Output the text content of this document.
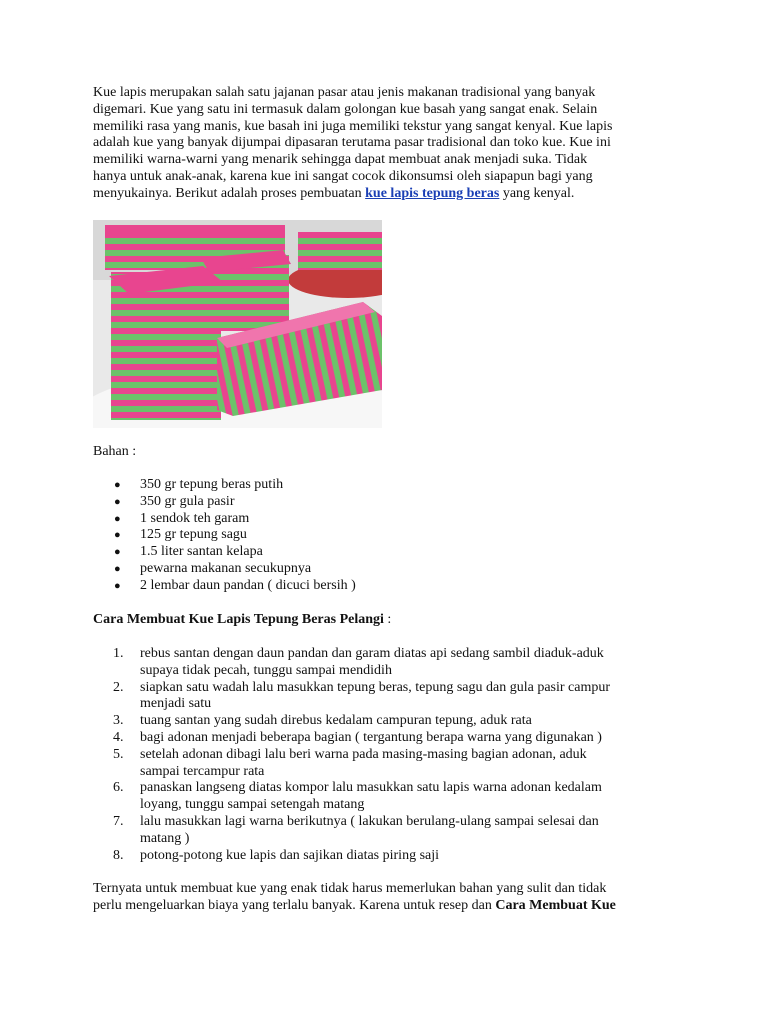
Kue lapis merupakan salah satu jajanan pasar atau jenis makanan tradisional yang banyak
digemari. Kue yang satu ini termasuk dalam golongan kue basah yang sangat enak. Selain
memiliki rasa yang manis, kue basah ini juga memiliki tekstur yang sangat kenyal. Kue lapis
adalah kue yang banyak dijumpai dipasaran terutama pasar tradisional dan toko kue. Kue ini
memiliki warna-warni yang menarik sehingga dapat membuat anak menjadi suka. Tidak
hanya untuk anak-anak, karena kue ini sangat cocok dikonsumsi oleh siapapun bagi yang
menyukainya. Berikut adalah proses pembuatan kue lapis tepung beras yang kenyal.

Bahan :

● 350 gr tepung beras putih
● 350 gr gula pasir
● 1 sendok teh garam
● 125 gr tepung sagu
● 1.5 liter santan kelapa
● pewarna makanan secukupnya
● 2 lembar daun pandan ( dicuci bersih )

Cara Membuat Kue Lapis Tepung Beras Pelangi :

1. rebus santan dengan daun pandan dan garam diatas api sedang sambil diaduk-aduk
supaya tidak pecah, tunggu sampai mendidih
2. siapkan satu wadah lalu masukkan tepung beras, tepung sagu dan gula pasir campur
menjadi satu
3. tuang santan yang sudah direbus kedalam campuran tepung, aduk rata
4. bagi adonan menjadi beberapa bagian ( tergantung berapa warna yang digunakan )
5. setelah adonan dibagi lalu beri warna pada masing-masing bagian adonan, aduk
sampai tercampur rata
6. panaskan langseng diatas kompor lalu masukkan satu lapis warna adonan kedalam
loyang, tunggu sampai setengah matang
7. lalu masukkan lagi warna berikutnya ( lakukan berulang-ulang sampai selesai dan
matang )
8. potong-potong kue lapis dan sajikan diatas piring saji

Ternyata untuk membuat kue yang enak tidak harus memerlukan bahan yang sulit dan tidak
perlu mengeluarkan biaya yang terlalu banyak. Karena untuk resep dan Cara Membuat Kue
